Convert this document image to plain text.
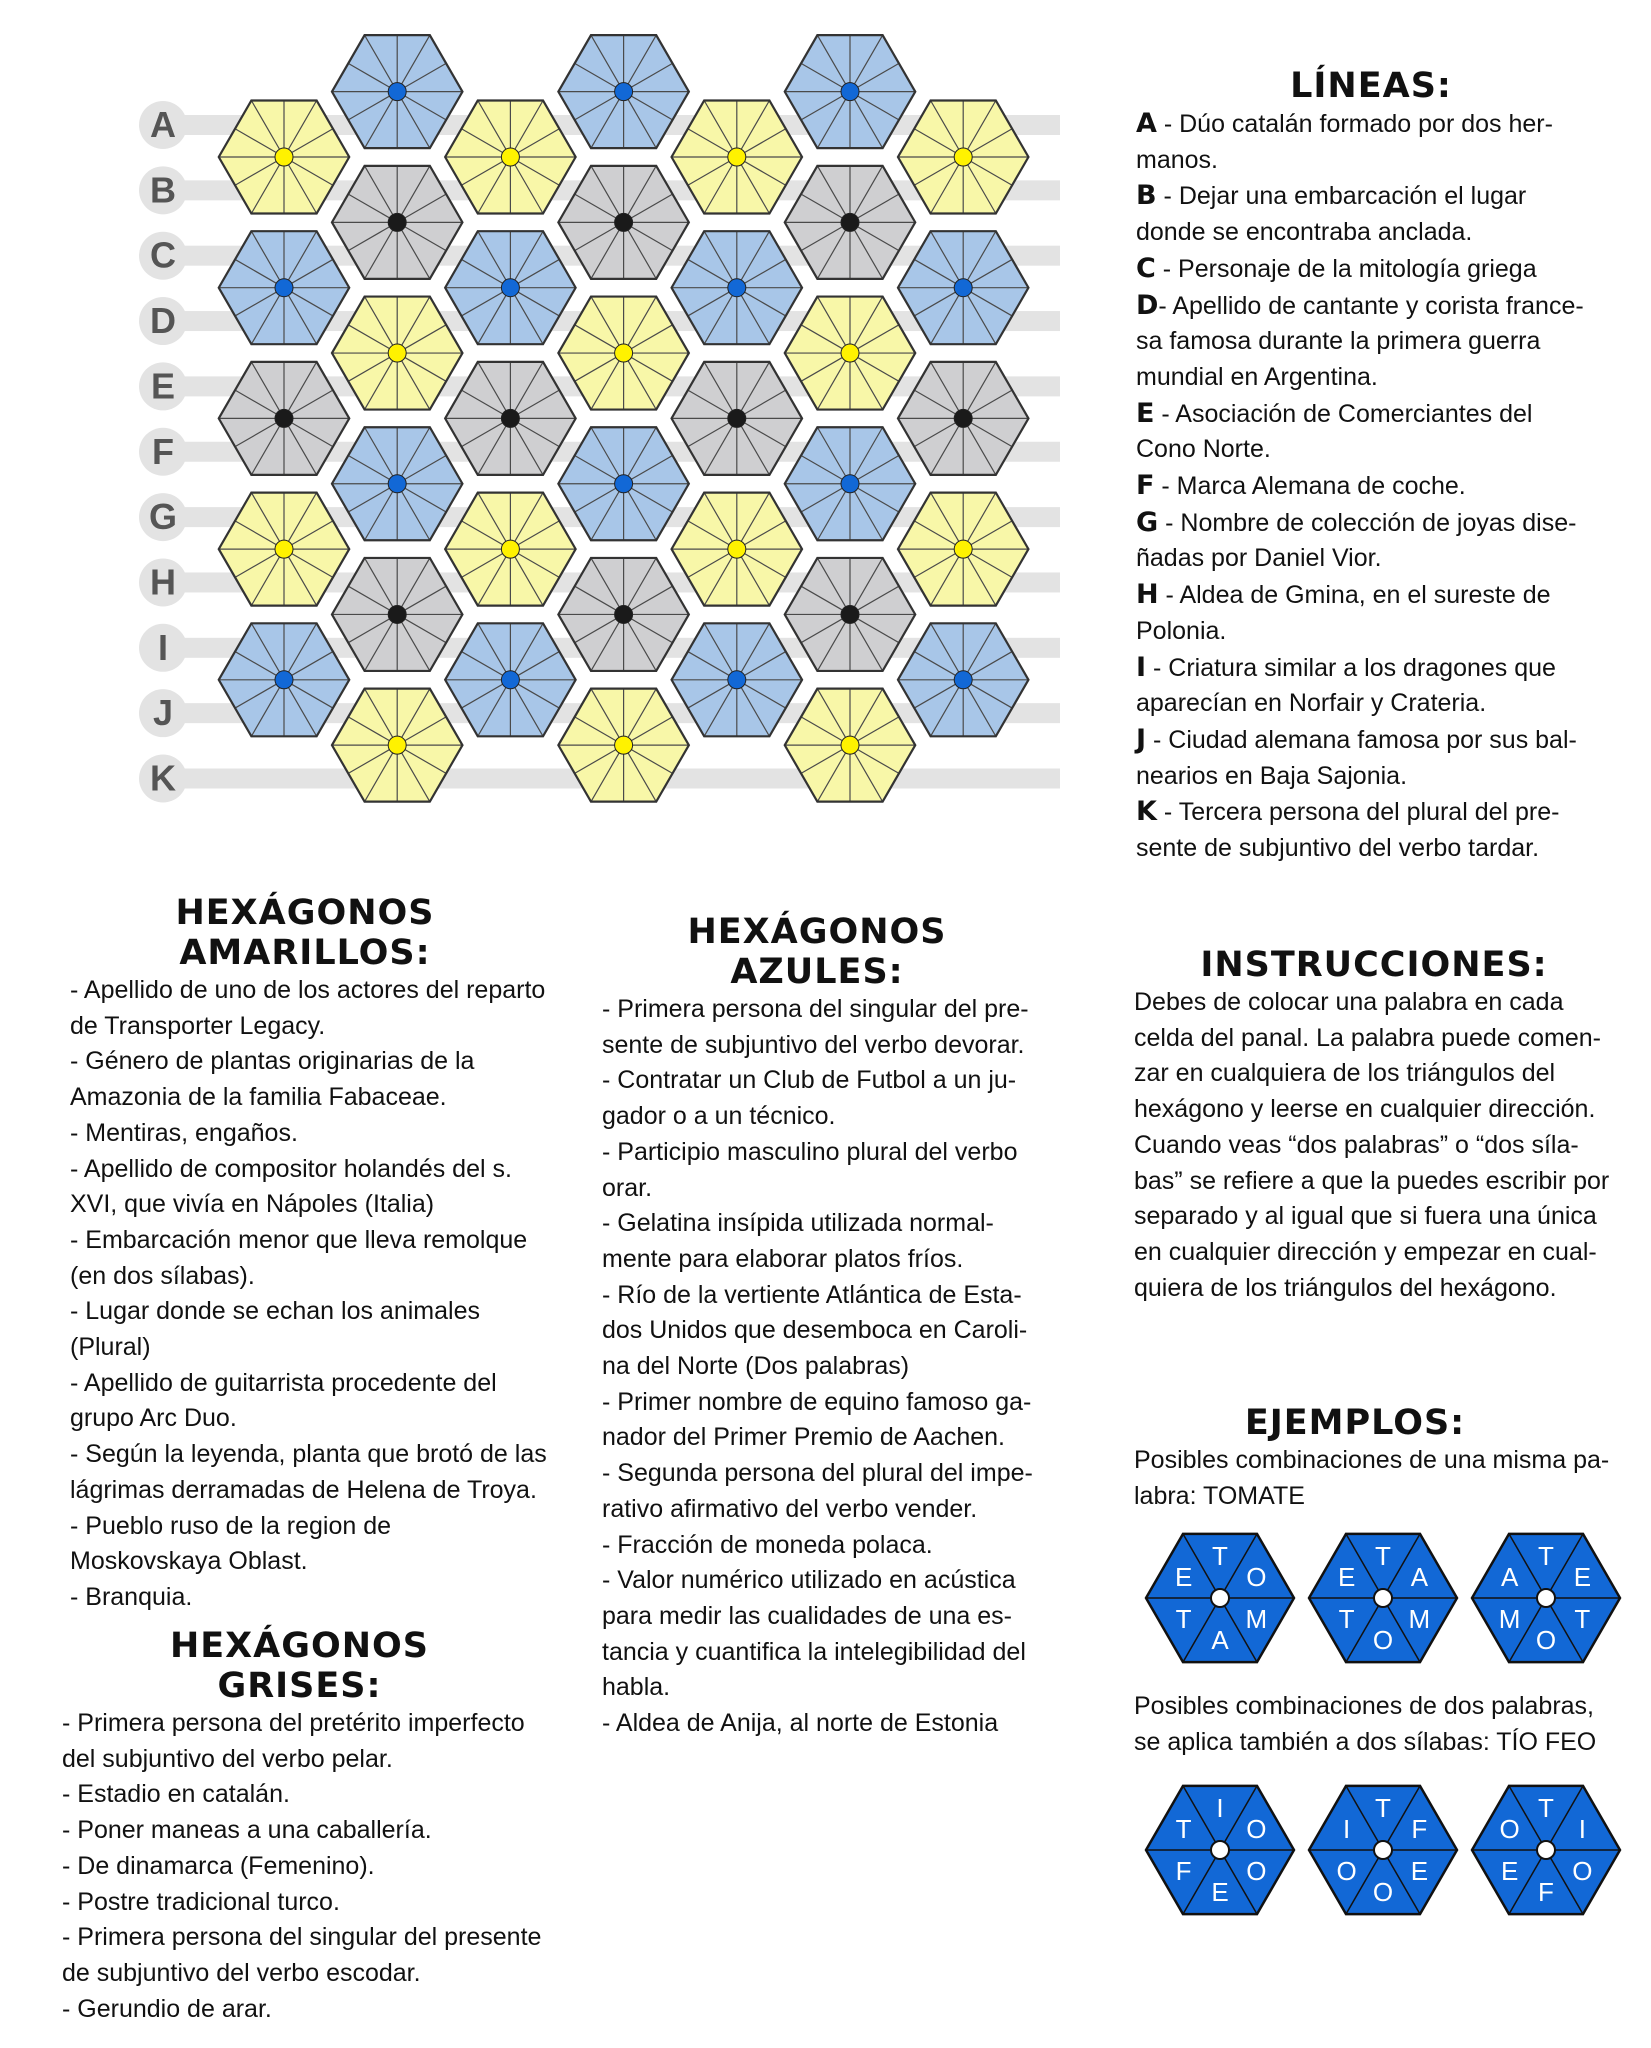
A
B
C
D
E
F
G
H
I
J
K
LÍNEAS:
A - Dúo catalán formado por dos her-
manos.
B - Dejar una embarcación el lugar
donde se encontraba anclada.
C - Personaje de la mitología griega
D- Apellido de cantante y corista france-
sa famosa durante la primera guerra
mundial en Argentina.
E - Asociación de Comerciantes del
Cono Norte.
F - Marca Alemana de coche.
G - Nombre de colección de joyas dise-
ñadas por Daniel Vior.
H - Aldea de Gmina, en el sureste de
Polonia.
I - Criatura similar a los dragones que
aparecían en Norfair y Crateria.
J - Ciudad alemana famosa por sus bal-
nearios en Baja Sajonia.
K - Tercera persona del plural del pre-
sente de subjuntivo del verbo tardar.
HEXÁGONOS
AMARILLOS:
- Apellido de uno de los actores del reparto
de Transporter Legacy.
- Género de plantas originarias de la
Amazonia de la familia Fabaceae.
- Mentiras, engaños.
- Apellido de compositor holandés del s.
XVI, que vivía en Nápoles (Italia)
- Embarcación menor que lleva remolque
(en dos sílabas).
- Lugar donde se echan los animales
(Plural)
- Apellido de guitarrista procedente del
grupo Arc Duo.
- Según la leyenda, planta que brotó de las
lágrimas derramadas de Helena de Troya.
- Pueblo ruso de la region de
Moskovskaya Oblast.
- Branquia.
HEXÁGONOS
GRISES:
- Primera persona del pretérito imperfecto
del subjuntivo del verbo pelar.
- Estadio en catalán.
- Poner maneas a una caballería.
- De dinamarca (Femenino).
- Postre tradicional turco.
- Primera persona del singular del presente
de subjuntivo del verbo escodar.
- Gerundio de arar.
HEXÁGONOS
AZULES:
- Primera persona del singular del pre-
sente de subjuntivo del verbo devorar.
- Contratar un Club de Futbol a un ju-
gador o a un técnico.
- Participio masculino plural del verbo
orar.
- Gelatina insípida utilizada normal-
mente para elaborar platos fríos.
- Río de la vertiente Atlántica de Esta-
dos Unidos que desemboca en Caroli-
na del Norte (Dos palabras)
- Primer nombre de equino famoso ga-
nador del Primer Premio de Aachen.
- Segunda persona del plural del impe-
rativo afirmativo del verbo vender.
- Fracción de moneda polaca.
- Valor numérico utilizado en acústica
para medir las cualidades de una es-
tancia y cuantifica la intelegibilidad del
habla.
- Aldea de Anija, al norte de Estonia
INSTRUCCIONES:
Debes de colocar una palabra en cada
celda del panal. La palabra puede comen-
zar en cualquiera de los triángulos del
hexágono y leerse en cualquier dirección.
Cuando veas “dos palabras” o “dos síla-
bas” se refiere a que la puedes escribir por
separado y al igual que si fuera una única
en cualquier dirección y empezar en cual-
quiera de los triángulos del hexágono.
EJEMPLOS:
Posibles combinaciones de una misma pa-
labra: TOMATE
T
O
M
A
T
E
T
A
M
O
T
E
T
E
T
O
M
A
Posibles combinaciones de dos palabras,
se aplica también a dos sílabas: TÍO FEO
I
O
O
E
F
T
T
F
E
O
O
I
T
I
O
F
E
O
